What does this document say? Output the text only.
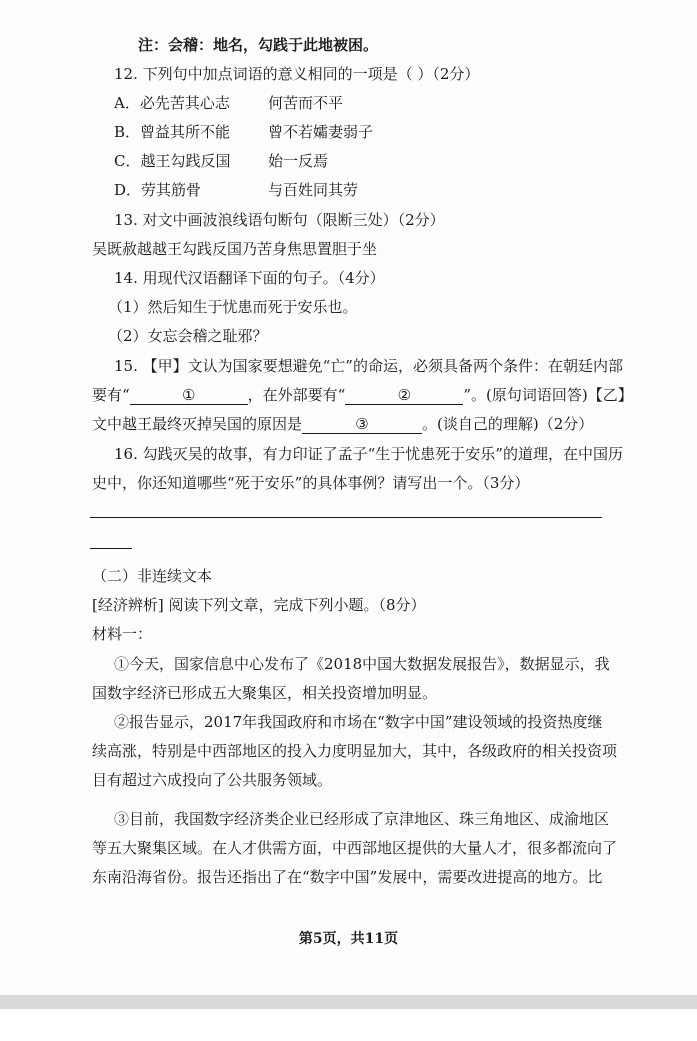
注：会稽：地名，勾践于此地被困。
12. 下列句中加点词语的意义相同的一项是（ ）（2分）
A．必先苦其心志	何苦而不平
B．曾益其所不能	曾不若孀妻弱子
C．越王勾践反国	始一反焉
D．劳其筋骨	与百姓同其劳
13. 对文中画波浪线语句断句（限断三处）（2分）
吴既赦越越王勾践反国乃苦身焦思置胆于坐
14. 用现代汉语翻译下面的句子。（4分）
（1）然后知生于忧患而死于安乐也。
（2）女忘会稽之耻邪？
15. 【甲】文认为国家要想避免“亡”的命运，必须具备两个条件：在朝廷内部
要有“	①	，在外部要有“	②	”。(原句词语回答)【乙】
文中越王最终灭掉吴国的原因是	③	。(谈自己的理解)（2分）
16. 勾践灭吴的故事，有力印证了孟子“生于忧患死于安乐”的道理，在中国历
史中，你还知道哪些“死于安乐”的具体事例？请写出一个。（3分）
（二）非连续文本
[经济辨析] 阅读下列文章，完成下列小题。（8分）
材料一：
①今天，国家信息中心发布了《2018中国大数据发展报告》，数据显示，我
国数字经济已形成五大聚集区，相关投资增加明显。
②报告显示，2017年我国政府和市场在“数字中国”建设领域的投资热度继
续高涨，特别是中西部地区的投入力度明显加大，其中，各级政府的相关投资项
目有超过六成投向了公共服务领域。
③目前，我国数字经济类企业已经形成了京津地区、珠三角地区、成渝地区
等五大聚集区域。在人才供需方面，中西部地区提供的大量人才，很多都流向了
东南沿海省份。报告还指出了在“数字中国”发展中，需要改进提高的地方。比
第5页，共11页
